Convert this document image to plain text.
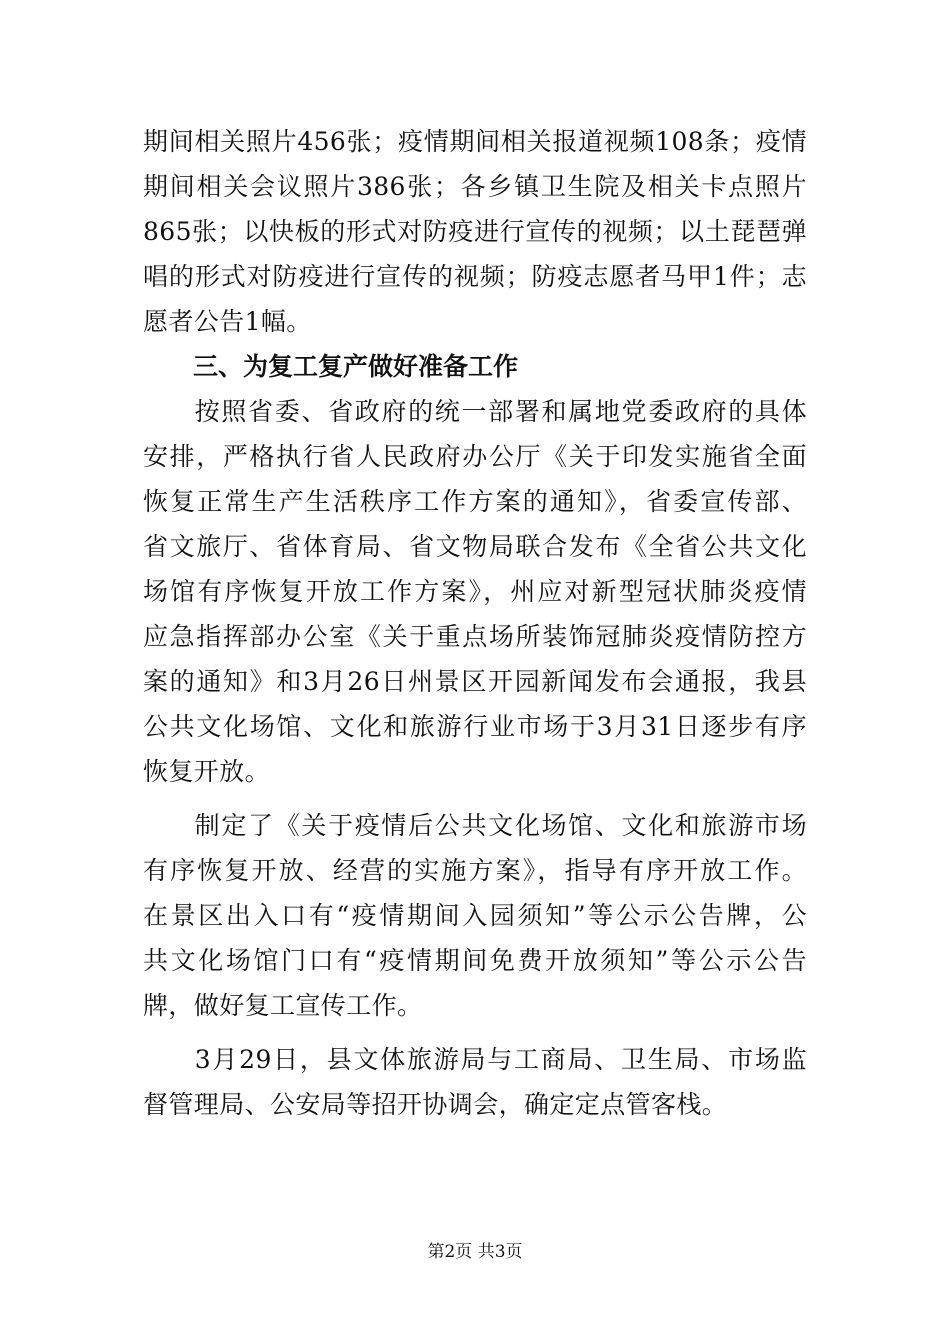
期间相关照片456张；疫情期间相关报道视频108条；疫情
期间相关会议照片386张；各乡镇卫生院及相关卡点照片
865张；以快板的形式对防疫进行宣传的视频；以土琵琶弹
唱的形式对防疫进行宣传的视频；防疫志愿者马甲1件；志
愿者公告1幅。
三、为复工复产做好准备工作
　按照省委、省政府的统一部署和属地党委政府的具体
安排，严格执行省人民政府办公厅《关于印发实施省全面
恢复正常生产生活秩序工作方案的通知》，省委宣传部、
省文旅厅、省体育局、省文物局联合发布《全省公共文化
场馆有序恢复开放工作方案》，州应对新型冠状肺炎疫情
应急指挥部办公室《关于重点场所装饰冠肺炎疫情防控方
案的通知》和3月26日州景区开园新闻发布会通报，我县
公共文化场馆、文化和旅游行业市场于3月31日逐步有序
恢复开放。
　制定了《关于疫情后公共文化场馆、文化和旅游市场
有序恢复开放、经营的实施方案》，指导有序开放工作。
在景区出入口有“疫情期间入园须知”等公示公告牌，公
共文化场馆门口有“疫情期间免费开放须知”等公示公告
牌，做好复工宣传工作。
　3月29日，县文体旅游局与工商局、卫生局、市场监
督管理局、公安局等招开协调会，确定定点管客栈。
第2页 共3页
